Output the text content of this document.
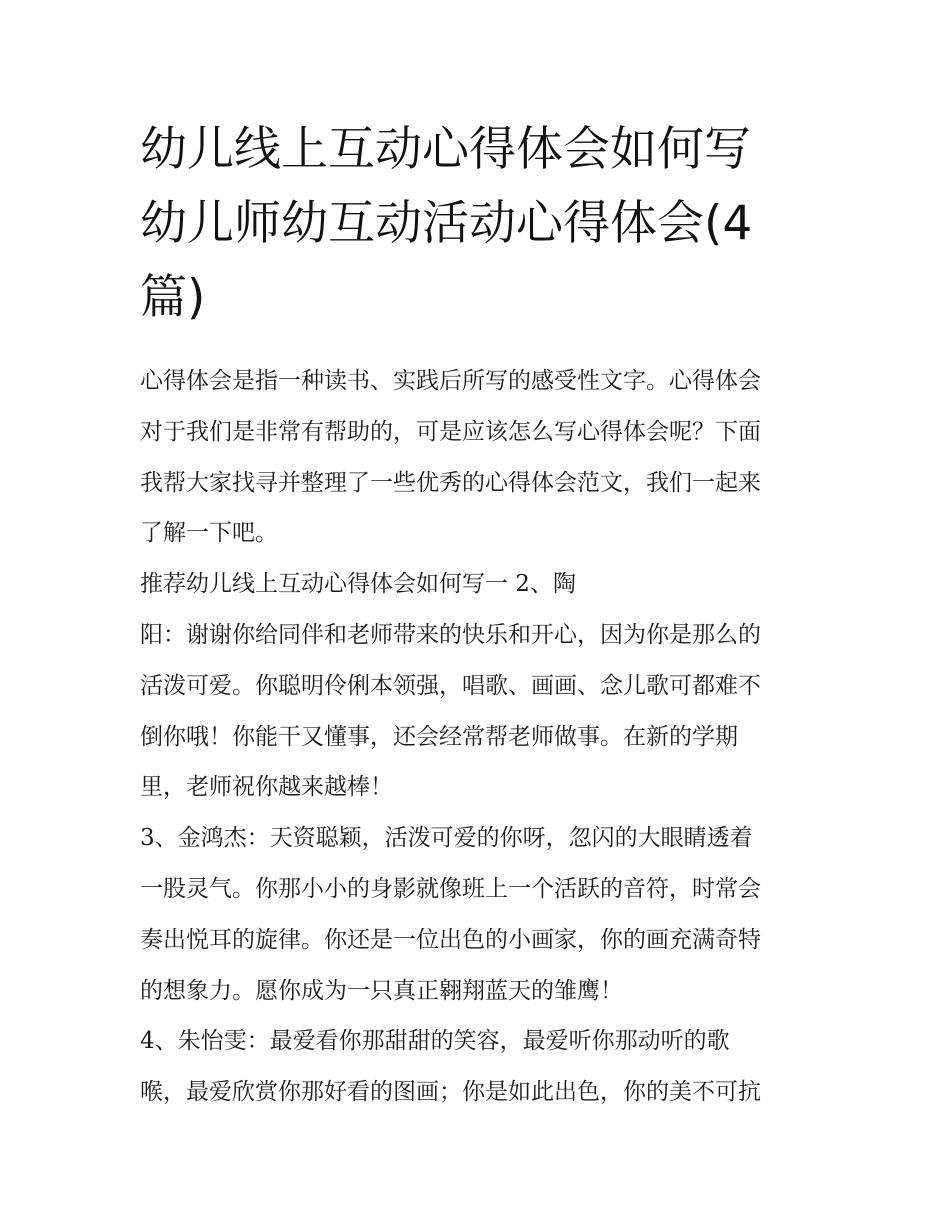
幼儿线上互动心得体会如何写
幼儿师幼互动活动心得体会(4
篇)
心得体会是指一种读书、实践后所写的感受性文字。心得体会
对于我们是非常有帮助的，可是应该怎么写心得体会呢？下面
我帮大家找寻并整理了一些优秀的心得体会范文，我们一起来
了解一下吧。
推荐幼儿线上互动心得体会如何写一 2、陶
阳：谢谢你给同伴和老师带来的快乐和开心，因为你是那么的
活泼可爱。你聪明伶俐本领强，唱歌、画画、念儿歌可都难不
倒你哦！你能干又懂事，还会经常帮老师做事。在新的学期
里，老师祝你越来越棒！
3、金鸿杰：天资聪颖，活泼可爱的你呀，忽闪的大眼睛透着
一股灵气。你那小小的身影就像班上一个活跃的音符，时常会
奏出悦耳的旋律。你还是一位出色的小画家，你的画充满奇特
的想象力。愿你成为一只真正翱翔蓝天的雏鹰！
4、朱怡雯：最爱看你那甜甜的笑容，最爱听你那动听的歌
喉，最爱欣赏你那好看的图画；你是如此出色，你的美不可抗
